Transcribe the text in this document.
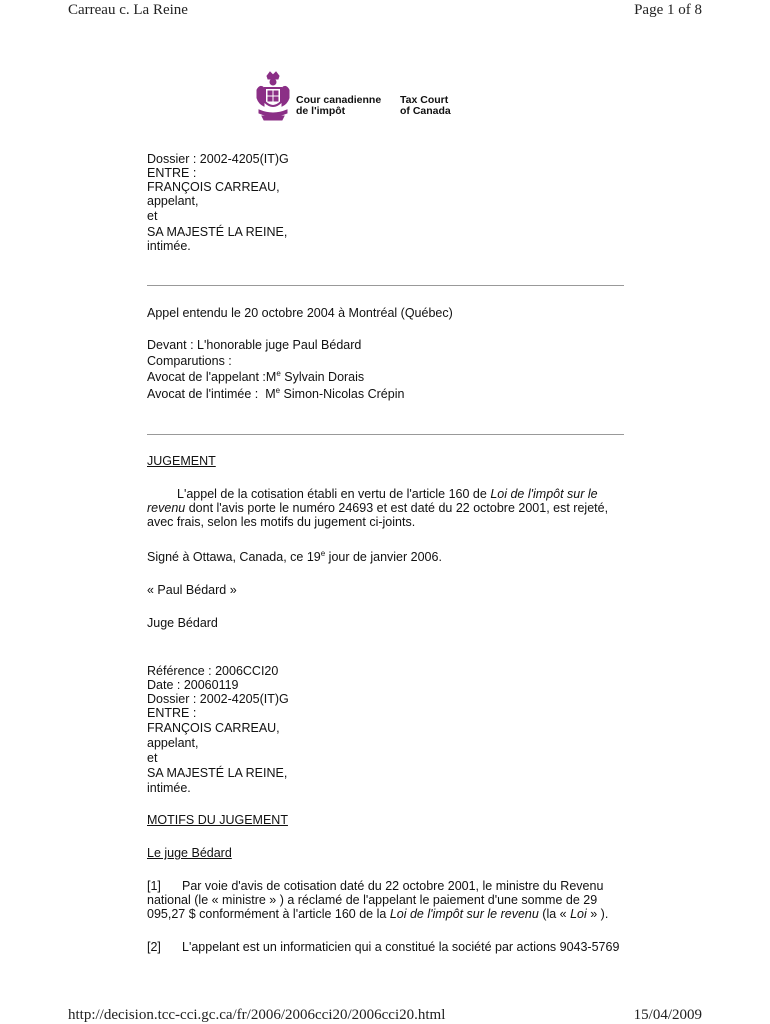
Carreau c. La Reine	Page 1 of 8
Cour canadienne
de l'impôt
Tax Court
of Canada
Dossier : 2002-4205(IT)G
ENTRE :
FRANÇOIS CARREAU,
appelant,
et
SA MAJESTÉ LA REINE,
intimée.
Appel entendu le 20 octobre 2004 à Montréal (Québec)
Devant : L'honorable juge Paul Bédard
Comparutions :
Avocat de l'appelant :Me Sylvain Dorais
Avocat de l'intimée : Me Simon-Nicolas Crépin
JUGEMENT
L'appel de la cotisation établi en vertu de l'article 160 de Loi de l'impôt sur le
revenu dont l'avis porte le numéro 24693 et est daté du 22 octobre 2001, est rejeté,
avec frais, selon les motifs du jugement ci-joints.
Signé à Ottawa, Canada, ce 19e jour de janvier 2006.
« Paul Bédard »
Juge Bédard
Référence : 2006CCI20
Date : 20060119
Dossier : 2002-4205(IT)G
ENTRE :
FRANÇOIS CARREAU,
appelant,
et
SA MAJESTÉ LA REINE,
intimée.
MOTIFS DU JUGEMENT
Le juge Bédard
[1] Par voie d'avis de cotisation daté du 22 octobre 2001, le ministre du Revenu
national (le « ministre » ) a réclamé de l'appelant le paiement d'une somme de 29
095,27 $ conformément à l'article 160 de la Loi de l'impôt sur le revenu (la « Loi » ).
[2] L'appelant est un informaticien qui a constitué la société par actions 9043-5769
http://decision.tcc-cci.gc.ca/fr/2006/2006cci20/2006cci20.html	15/04/2009
